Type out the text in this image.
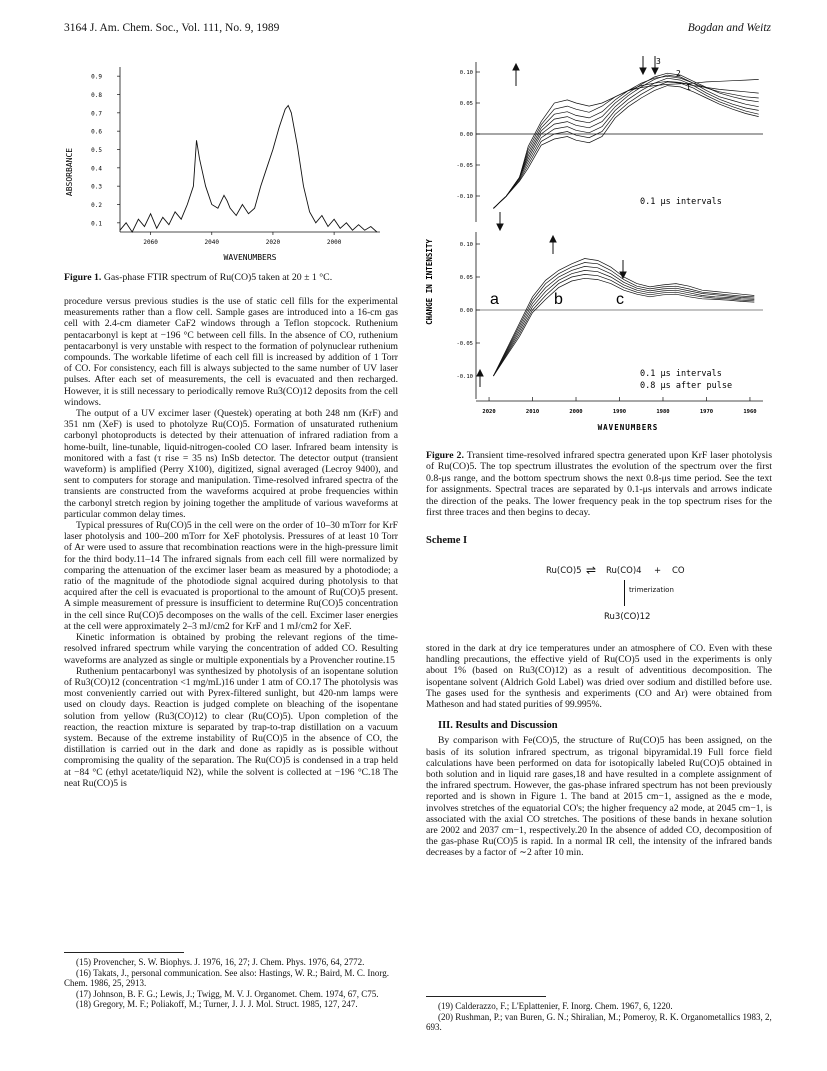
3164 J. Am. Chem. Soc., Vol. 111, No. 9, 1989	Bogdan and Weitz
ABSORBANCE
0.9
0.8
0.7
0.6
0.5
0.4
0.3
0.2
0.1
2060	2040	2020	2000
WAVENUMBERS
Figure 1. Gas-phase FTIR spectrum of Ru(CO)5 taken at 20 ± 1 °C.

procedure versus previous studies is the use of static cell fills for the experimental measurements rather than a flow cell. Sample gases are introduced into a 16-cm gas cell with 2.4-cm diameter CaF2 windows through a Teflon stopcock. Ruthenium pentacarbonyl is kept at −196 °C between cell fills. In the absence of CO, ruthenium pentacarbonyl is very unstable with respect to the formation of polynuclear ruthenium compounds. The workable lifetime of each cell fill is increased by addition of 1 Torr of CO. For consistency, each fill is always subjected to the same number of UV laser pulses. After each set of measurements, the cell is evacuated and then recharged. However, it is still necessary to periodically remove Ru3(CO)12 deposits from the cell windows.

The output of a UV excimer laser (Questek) operating at both 248 nm (KrF) and 351 nm (XeF) is used to photolyze Ru(CO)5. Formation of unsaturated ruthenium carbonyl photoproducts is detected by their attenuation of infrared radiation from a home-built, line-tunable, liquid-nitrogen-cooled CO laser. Infrared beam intensity is monitored with a fast (τ rise = 35 ns) InSb detector. The detector output (transient waveform) is amplified (Perry X100), digitized, signal averaged (Lecroy 9400), and sent to computers for storage and manipulation. Time-resolved infrared spectra of the transients are constructed from the waveforms acquired at probe frequencies within the carbonyl stretch region by joining together the amplitude of various waveforms at particular common delay times.

Typical pressures of Ru(CO)5 in the cell were on the order of 10–30 mTorr for KrF laser photolysis and 100–200 mTorr for XeF photolysis. Pressures of at least 10 Torr of Ar were used to assure that recombination reactions were in the high-pressure limit for the third body.11–14 The infrared signals from each cell fill were normalized by comparing the attenuation of the excimer laser beam as measured by a photodiode; a ratio of the magnitude of the photodiode signal acquired during photolysis to that acquired after the cell is evacuated is proportional to the amount of Ru(CO)5 present. A simple measurement of pressure is insufficient to determine Ru(CO)5 concentration in the cell since Ru(CO)5 decomposes on the walls of the cell. Excimer laser energies at the cell were approximately 2–3 mJ/cm2 for KrF and 1 mJ/cm2 for XeF.

Kinetic information is obtained by probing the relevant regions of the time-resolved infrared spectrum while varying the concentration of added CO. Resulting waveforms are analyzed as single or multiple exponentials by a Provencher routine.15

Ruthenium pentacarbonyl was synthesized by photolysis of an isopentane solution of Ru3(CO)12 (concentration <1 mg/mL)16 under 1 atm of CO.17 The photolysis was most conveniently carried out with Pyrex-filtered sunlight, but 420-nm lamps were used on cloudy days. Reaction is judged complete on bleaching of the isopentane solution from yellow (Ru3(CO)12) to clear (Ru(CO)5). Upon completion of the reaction, the reaction mixture is separated by trap-to-trap distillation on a vacuum system. Because of the extreme instability of Ru(CO)5 in the absence of CO, the distillation is carried out in the dark and done as rapidly as is possible without compromising the quality of the separation. The Ru(CO)5 is condensed in a trap held at −84 °C (ethyl acetate/liquid N2), while the solvent is collected at −196 °C.18 The neat Ru(CO)5 is

(15) Provencher, S. W. Biophys. J. 1976, 16, 27; J. Chem. Phys. 1976, 64, 2772.

(16) Takats, J., personal communication. See also: Hastings, W. R.; Baird, M. C. Inorg. Chem. 1986, 25, 2913.

(17) Johnson, B. F. G.; Lewis, J.; Twigg, M. V. J. Organomet. Chem. 1974, 67, C75.

(18) Gregory, M. F.; Poliakoff, M.; Turner, J. J. J. Mol. Struct. 1985, 127, 247.

CHANGE IN INTENSITY
0.10
0.05
0.00
-0.05
-0.10
0.10
0.05
0.00
-0.05
-0.10
2020	2010	2000	1990	1980	1970	1960
1
2
3
0.1 μs intervals
0.1 μs intervals
0.8 μs after pulse
a	b	c
WAVENUMBERS
Figure 2. Transient time-resolved infrared spectra generated upon KrF laser photolysis of Ru(CO)5. The top spectrum illustrates the evolution of the spectrum over the first 0.8-μs range, and the bottom spectrum shows the next 0.8-μs time period. See the text for assignments. Spectral traces are separated by 0.1-μs intervals and arrows indicate the direction of the peaks. The lower frequency peak in the top spectrum rises for the first three traces and then begins to decay.
Scheme I
Ru(CO)5 ⇌ Ru(CO)4 + CO
trimerization
Ru3(CO)12

stored in the dark at dry ice temperatures under an atmosphere of CO. Even with these handling precautions, the effective yield of Ru(CO)5 used in the experiments is only about 1% (based on Ru3(CO)12) as a result of adventitious decomposition. The isopentane solvent (Aldrich Gold Label) was dried over sodium and distilled before use. The gases used for the synthesis and experiments (CO and Ar) were obtained from Matheson and had stated purities of 99.995%.

III. Results and Discussion

By comparison with Fe(CO)5, the structure of Ru(CO)5 has been assigned, on the basis of its solution infrared spectrum, as trigonal bipyramidal.19 Full force field calculations have been performed on data for isotopically labeled Ru(CO)5 obtained in both solution and in liquid rare gases,18 and have resulted in a complete assignment of the infrared spectrum. However, the gas-phase infrared spectrum has not been previously reported and is shown in Figure 1. The band at 2015 cm−1, assigned as the e mode, involves stretches of the equatorial CO's; the higher frequency a2 mode, at 2045 cm−1, is associated with the axial CO stretches. The positions of these bands in hexane solution are 2002 and 2037 cm−1, respectively.20 In the absence of added CO, decomposition of the gas-phase Ru(CO)5 is rapid. In a normal IR cell, the intensity of the infrared bands decreases by a factor of ∼2 after 10 min.

(19) Calderazzo, F.; L'Eplattenier, F. Inorg. Chem. 1967, 6, 1220.

(20) Rushman, P.; van Buren, G. N.; Shiralian, M.; Pomeroy, R. K. Organometallics 1983, 2, 693.
